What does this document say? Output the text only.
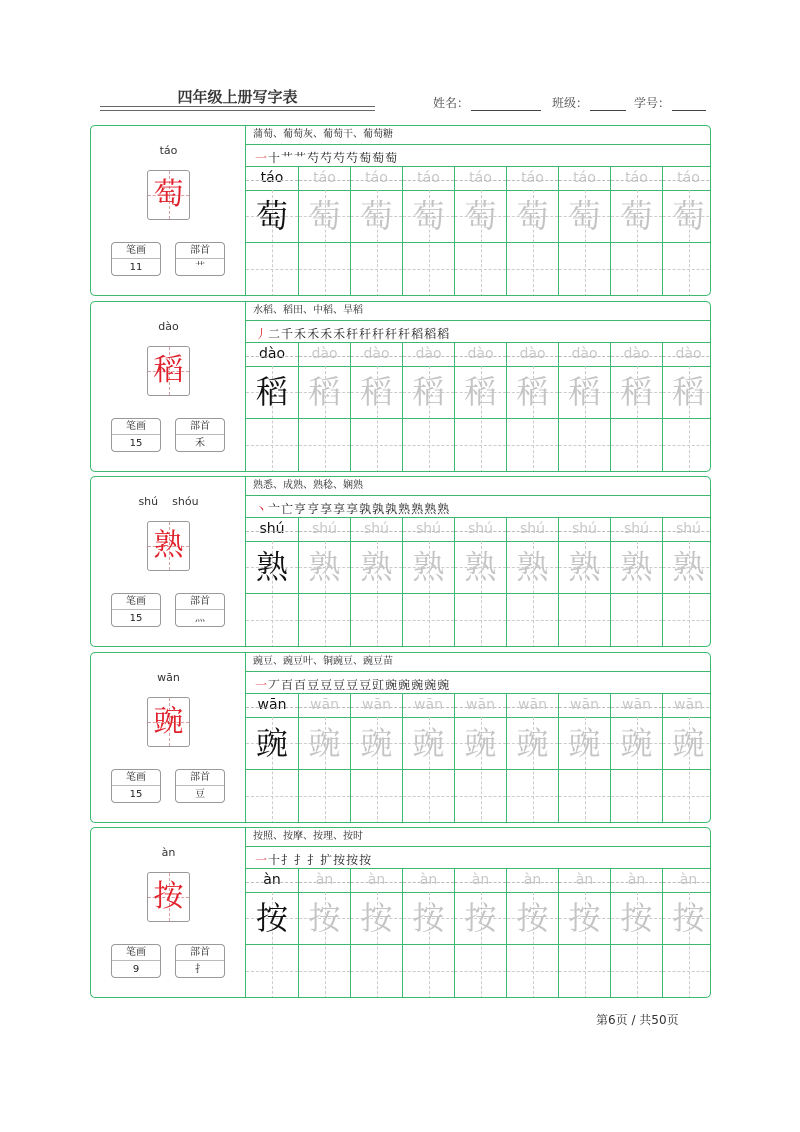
四年级上册写字表	姓名：	班级：	学号：
táo
萄
笔画
11
部首
艹
蒲萄、葡萄灰、葡萄干、葡萄糖
一十艹艹芍芍芍芍萄萄萄
táo
萄
táo
萄
táo
萄
táo
萄
táo
萄
táo
萄
táo
萄
táo
萄
táo
萄
dào
稻
笔画
15
部首
禾
水稻、稻田、中稻、旱稻
丿二千禾禾禾禾秆秆秆秆秆稻稻稻
dào
稻
dào
稻
dào
稻
dào
稻
dào
稻
dào
稻
dào
稻
dào
稻
dào
稻
shú shóu
熟
笔画
15
部首
灬
熟悉、成熟、熟稔、娴熟
丶亠亡亨亨享享享孰孰孰熟熟熟熟
shú
熟
shú
熟
shú
熟
shú
熟
shú
熟
shú
熟
shú
熟
shú
熟
shú
熟
wān
豌
笔画
15
部首
豆
豌豆、豌豆叶、铜豌豆、豌豆苗
一丆百百豆豆豆豆豆豇豌豌豌豌豌
wān
豌
wān
豌
wān
豌
wān
豌
wān
豌
wān
豌
wān
豌
wān
豌
wān
豌
àn
按
笔画
9
部首
扌
按照、按摩、按理、按时
一十扌扌扌扩按按按
àn
按
àn
按
àn
按
àn
按
àn
按
àn
按
àn
按
àn
按
àn
按
第6页 / 共50页
